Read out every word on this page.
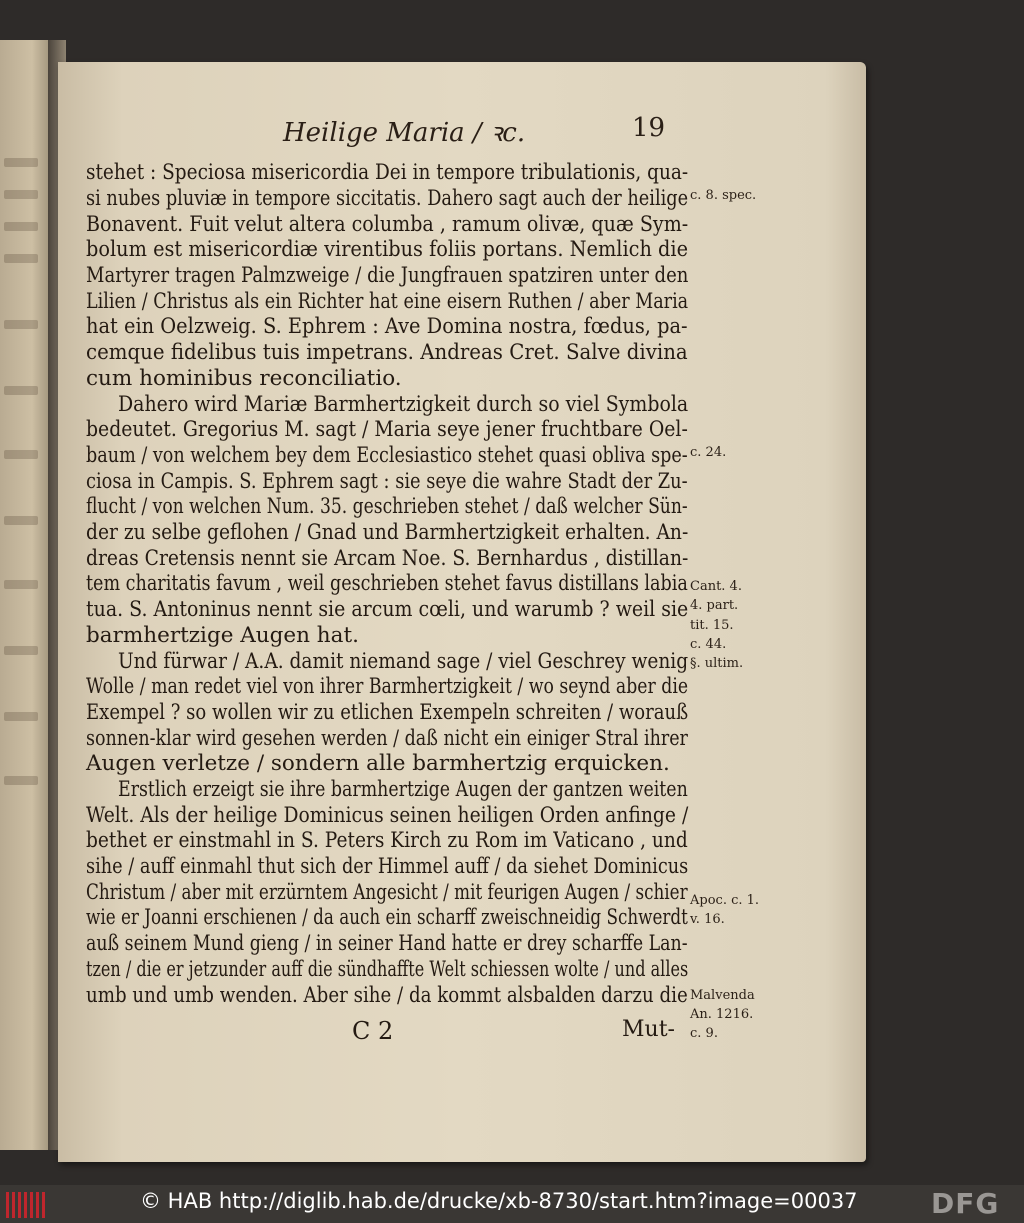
Heilige Maria / ꝛc.	19
stehet : Speciosa misericordia Dei in tempore tribulationis, qua-
si nubes pluviæ in tempore siccitatis. Dahero sagt auch der heilige
Bonavent. Fuit velut altera columba , ramum olivæ, quæ Sym-
bolum est misericordiæ virentibus foliis portans. Nemlich die
Martyrer tragen Palmzweige / die Jungfrauen spatziren unter den
Lilien / Christus als ein Richter hat eine eisern Ruthen / aber Maria
hat ein Oelzweig. S. Ephrem : Ave Domina nostra, fœdus, pa-
cemque fidelibus tuis impetrans. Andreas Cret. Salve divina
cum hominibus reconciliatio.
Dahero wird Mariæ Barmhertzigkeit durch so viel Symbola
bedeutet. Gregorius M. sagt / Maria seye jener fruchtbare Oel-
baum / von welchem bey dem Ecclesiastico stehet quasi obliva spe-
ciosa in Campis. S. Ephrem sagt : sie seye die wahre Stadt der Zu-
flucht / von welchen Num. 35. geschrieben stehet / daß welcher Sün-
der zu selbe geflohen / Gnad und Barmhertzigkeit erhalten. An-
dreas Cretensis nennt sie Arcam Noe. S. Bernhardus , distillan-
tem charitatis favum , weil geschrieben stehet favus distillans labia
tua. S. Antoninus nennt sie arcum cœli, und warumb ? weil sie
barmhertzige Augen hat.
Und fürwar / A.A. damit niemand sage / viel Geschrey wenig
Wolle / man redet viel von ihrer Barmhertzigkeit / wo seynd aber die
Exempel ? so wollen wir zu etlichen Exempeln schreiten / worauß
sonnen-klar wird gesehen werden / daß nicht ein einiger Stral ihrer
Augen verletze / sondern alle barmhertzig erquicken.
Erstlich erzeigt sie ihre barmhertzige Augen der gantzen weiten
Welt. Als der heilige Dominicus seinen heiligen Orden anfinge /
bethet er einstmahl in S. Peters Kirch zu Rom im Vaticano , und
sihe / auff einmahl thut sich der Himmel auff / da siehet Dominicus
Christum / aber mit erzürntem Angesicht / mit feurigen Augen / schier
wie er Joanni erschienen / da auch ein scharff zweischneidig Schwerdt
auß seinem Mund gieng / in seiner Hand hatte er drey scharffe Lan-
tzen / die er jetzunder auff die sündhaffte Welt schiessen wolte / und alles
umb und umb wenden. Aber sihe / da kommt alsbalden darzu die
c. 8. spec.
c. 24.
Cant. 4.
4. part.
tit. 15.
c. 44.
§. ultim.
Apoc. c. 1.
v. 16.
Malvenda
An. 1216.
c. 9.
C 2	Mut-
© HAB http://diglib.hab.de/drucke/xb-8730/start.htm?image=00037	DFG
